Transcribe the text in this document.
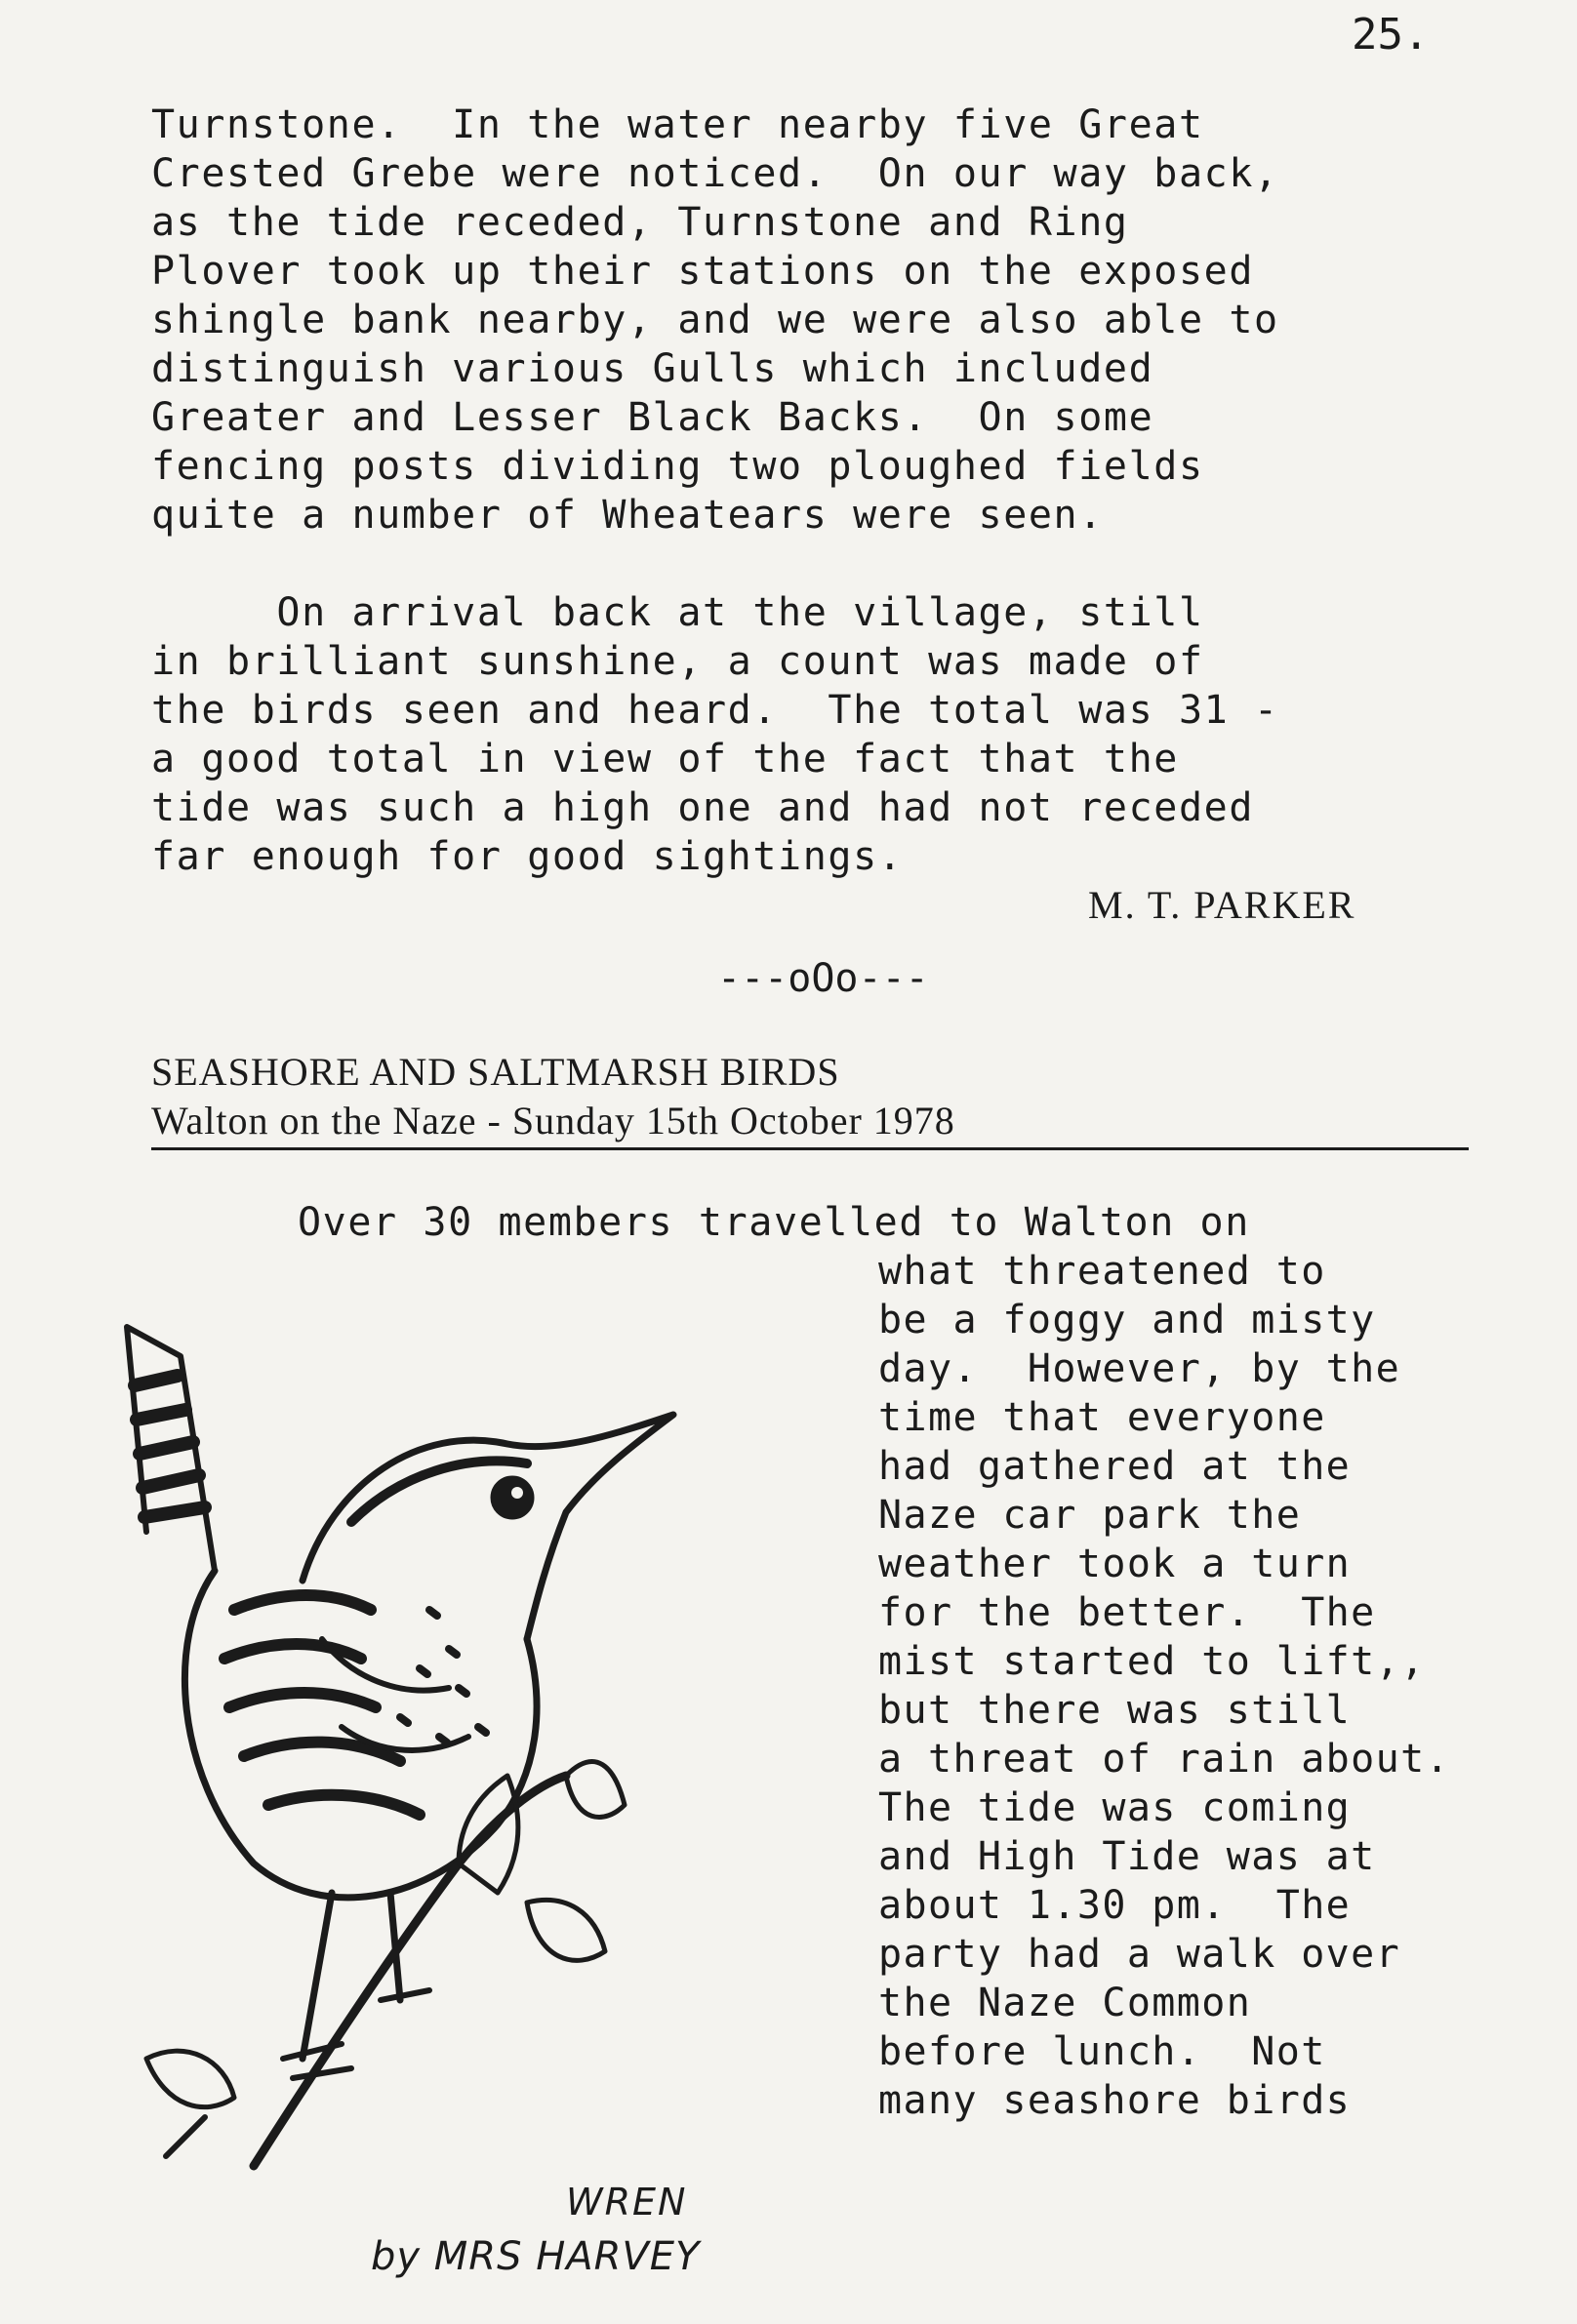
25.
Turnstone.  In the water nearby five Great
Crested Grebe were noticed.  On our way back,
as the tide receded, Turnstone and Ring
Plover took up their stations on the exposed
shingle bank nearby, and we were also able to
distinguish various Gulls which included
Greater and Lesser Black Backs.  On some
fencing posts dividing two ploughed fields
quite a number of Wheatears were seen.
On arrival back at the village, still
in brilliant sunshine, a count was made of
the birds seen and heard.  The total was 31 -
a good total in view of the fact that the
tide was such a high one and had not receded
far enough for good sightings.
M. T. PARKER
---oOo---
SEASHORE AND SALTMARSH BIRDS
Walton on the Naze - Sunday 15th October 1978
Over 30 members travelled to Walton on
what threatened to
be a foggy and misty
day.  However, by the
time that everyone
had gathered at the
Naze car park the
weather took a turn
for the better.  The
mist started to lift,,
but there was still
a threat of rain about.
The tide was coming
and High Tide was at
about 1.30 pm.  The
party had a walk over
the Naze Common
before lunch.  Not
many seashore birds
WREN
by MRS HARVEY
